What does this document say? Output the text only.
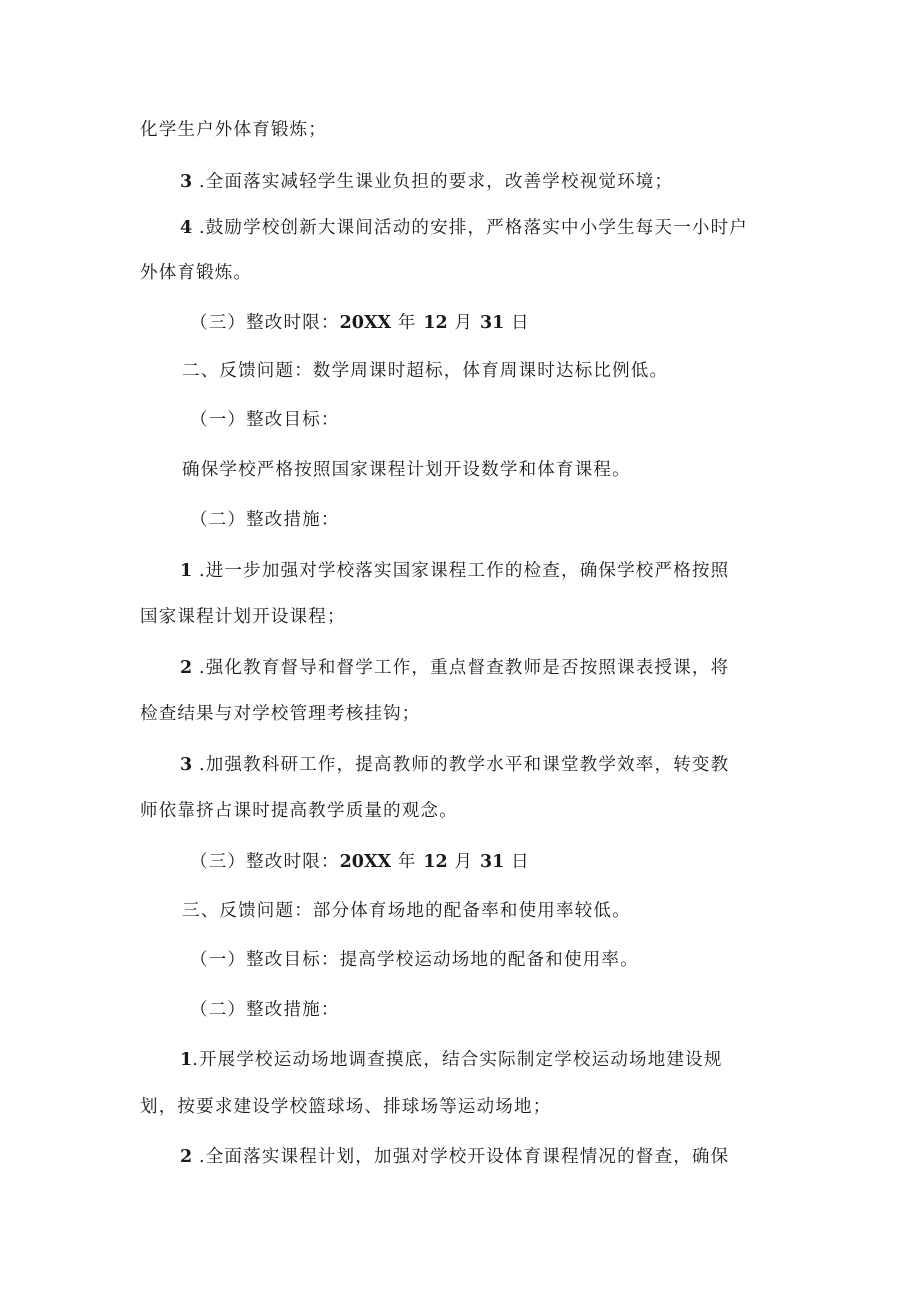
化学生户外体育锻炼；
3 .全面落实减轻学生课业负担的要求，改善学校视觉环境；
4 .鼓励学校创新大课间活动的安排，严格落实中小学生每天一小时户
外体育锻炼。
（三）整改时限：20XX 年 12 月 31 日
二、反馈问题：数学周课时超标，体育周课时达标比例低。
（一）整改目标：
确保学校严格按照国家课程计划开设数学和体育课程。
（二）整改措施：
1 .进一步加强对学校落实国家课程工作的检查，确保学校严格按照
国家课程计划开设课程；
2 .强化教育督导和督学工作，重点督查教师是否按照课表授课，将
检查结果与对学校管理考核挂钩；
3 .加强教科研工作，提高教师的教学水平和课堂教学效率，转变教
师依靠挤占课时提高教学质量的观念。
（三）整改时限：20XX 年 12 月 31 日
三、反馈问题：部分体育场地的配备率和使用率较低。
（一）整改目标：提高学校运动场地的配备和使用率。
（二）整改措施：
1.开展学校运动场地调查摸底，结合实际制定学校运动场地建设规
划，按要求建设学校篮球场、排球场等运动场地；
2 .全面落实课程计划，加强对学校开设体育课程情况的督查，确保
